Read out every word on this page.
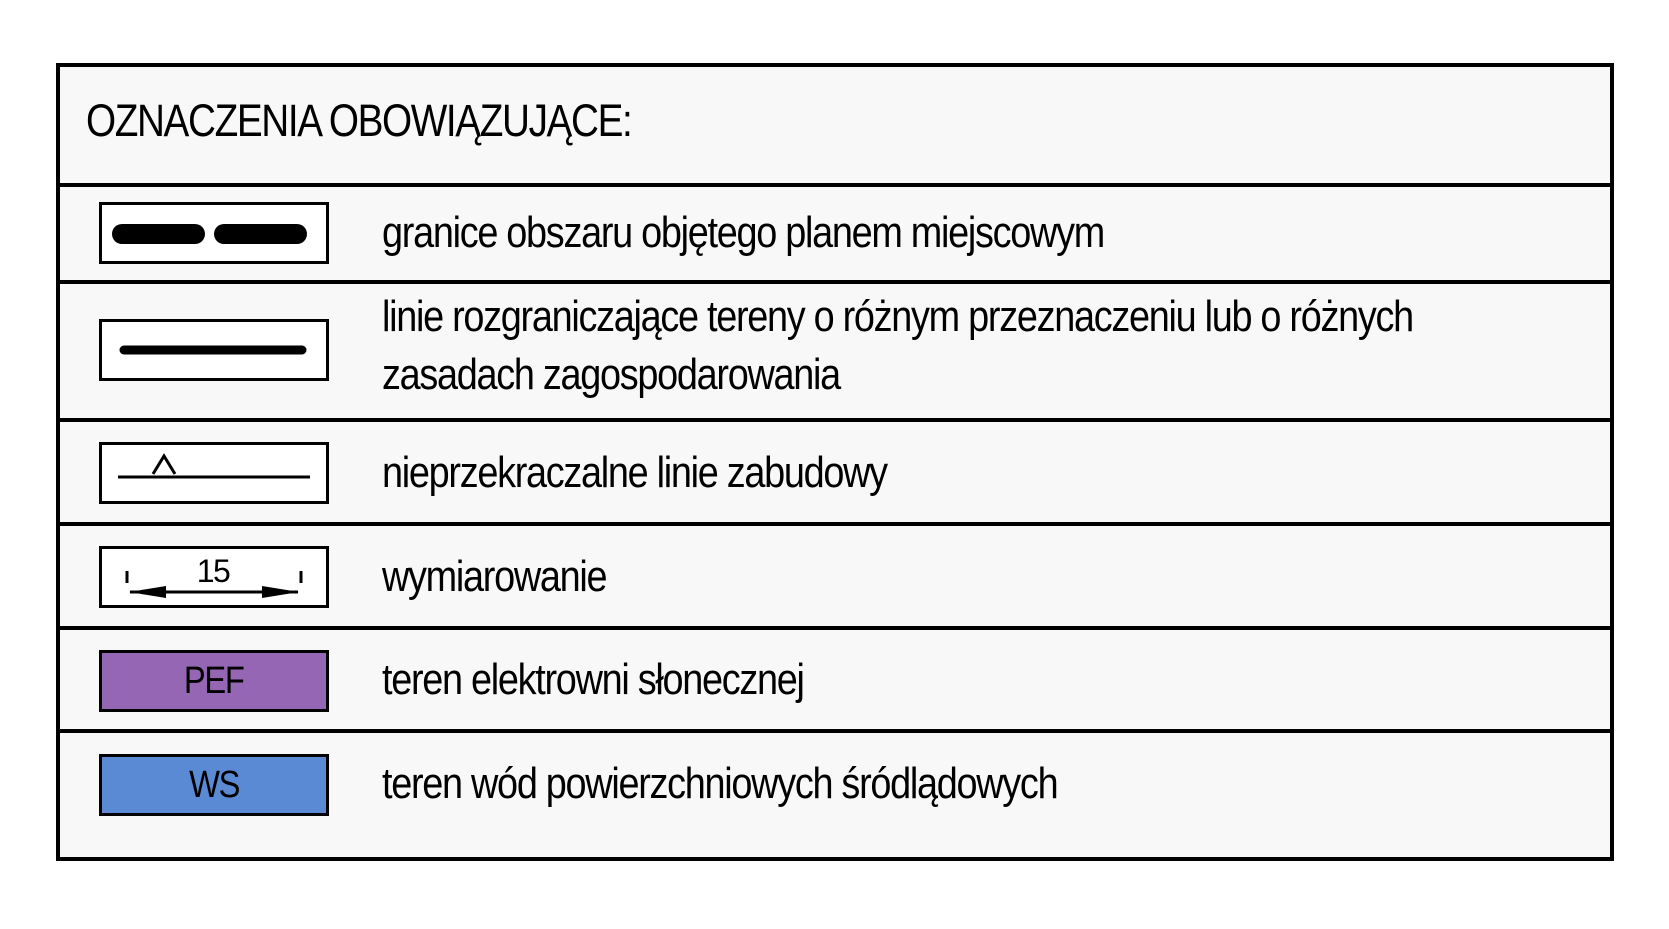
OZNACZENIA OBOWIĄZUJĄCE:
granice obszaru objętego planem miejscowym
linie rozgraniczające tereny o różnym przeznaczeniu lub o różnych
zasadach zagospodarowania
nieprzekraczalne linie zabudowy
15	wymiarowanie
PEF	teren elektrowni słonecznej
WS	teren wód powierzchniowych śródlądowych
